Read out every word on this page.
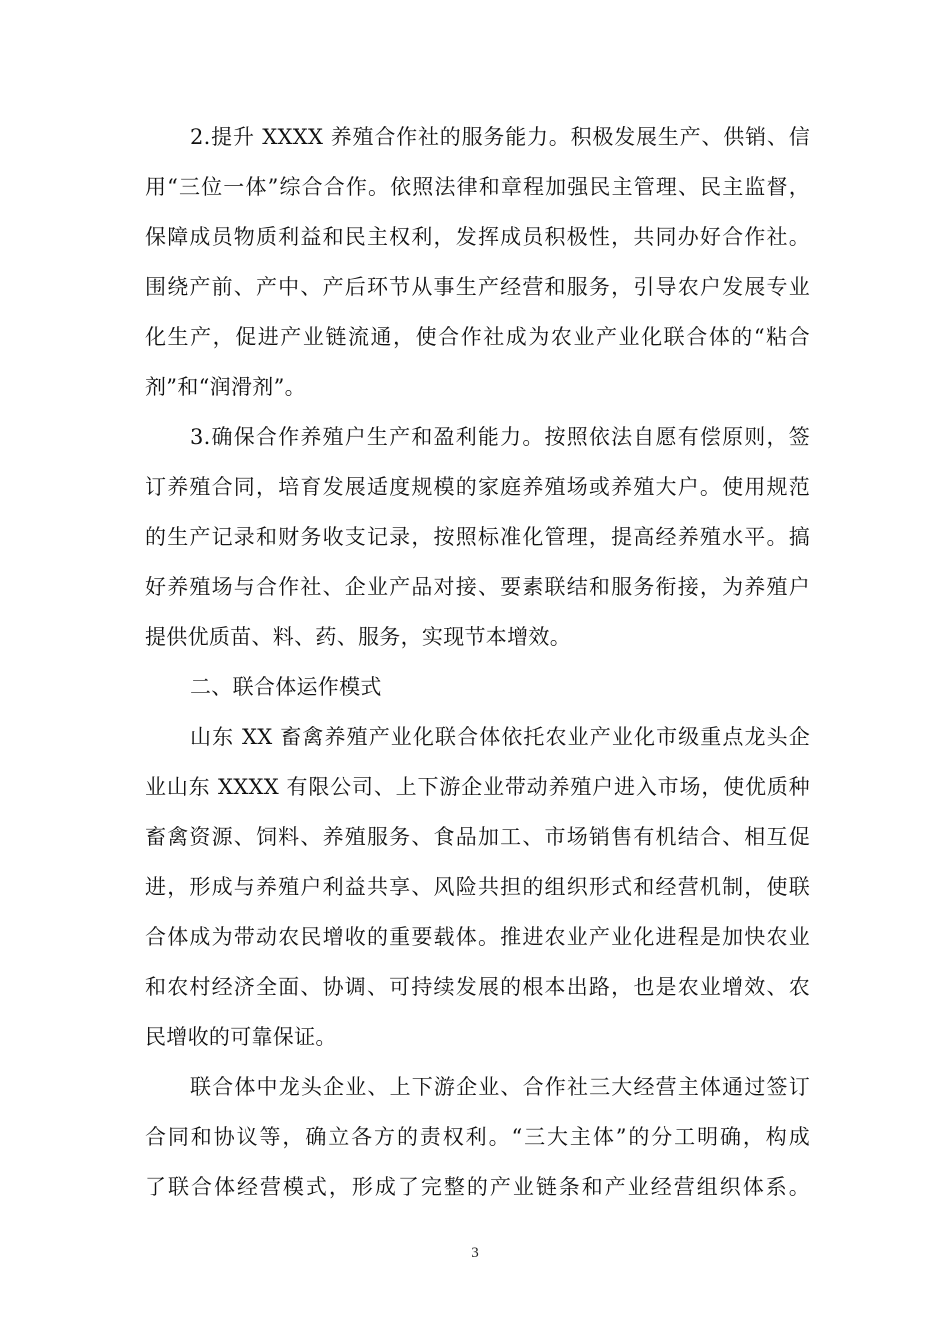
2.提升 XXXX 养殖合作社的服务能力。积极发展生产、供销、信
用“三位一体”综合合作。依照法律和章程加强民主管理、民主监督，
保障成员物质利益和民主权利，发挥成员积极性，共同办好合作社。
围绕产前、产中、产后环节从事生产经营和服务，引导农户发展专业
化生产，促进产业链流通，使合作社成为农业产业化联合体的“粘合
剂”和“润滑剂”。
3.确保合作养殖户生产和盈利能力。按照依法自愿有偿原则，签
订养殖合同，培育发展适度规模的家庭养殖场或养殖大户。使用规范
的生产记录和财务收支记录，按照标准化管理，提高经养殖水平。搞
好养殖场与合作社、企业产品对接、要素联结和服务衔接，为养殖户
提供优质苗、料、药、服务，实现节本增效。
二、联合体运作模式
山东 XX 畜禽养殖产业化联合体依托农业产业化市级重点龙头企
业山东 XXXX 有限公司、上下游企业带动养殖户进入市场，使优质种
畜禽资源、饲料、养殖服务、食品加工、市场销售有机结合、相互促
进，形成与养殖户利益共享、风险共担的组织形式和经营机制，使联
合体成为带动农民增收的重要载体。推进农业产业化进程是加快农业
和农村经济全面、协调、可持续发展的根本出路，也是农业增效、农
民增收的可靠保证。
联合体中龙头企业、上下游企业、合作社三大经营主体通过签订
合同和协议等，确立各方的责权利。“三大主体”的分工明确，构成
了联合体经营模式，形成了完整的产业链条和产业经营组织体系。
3
